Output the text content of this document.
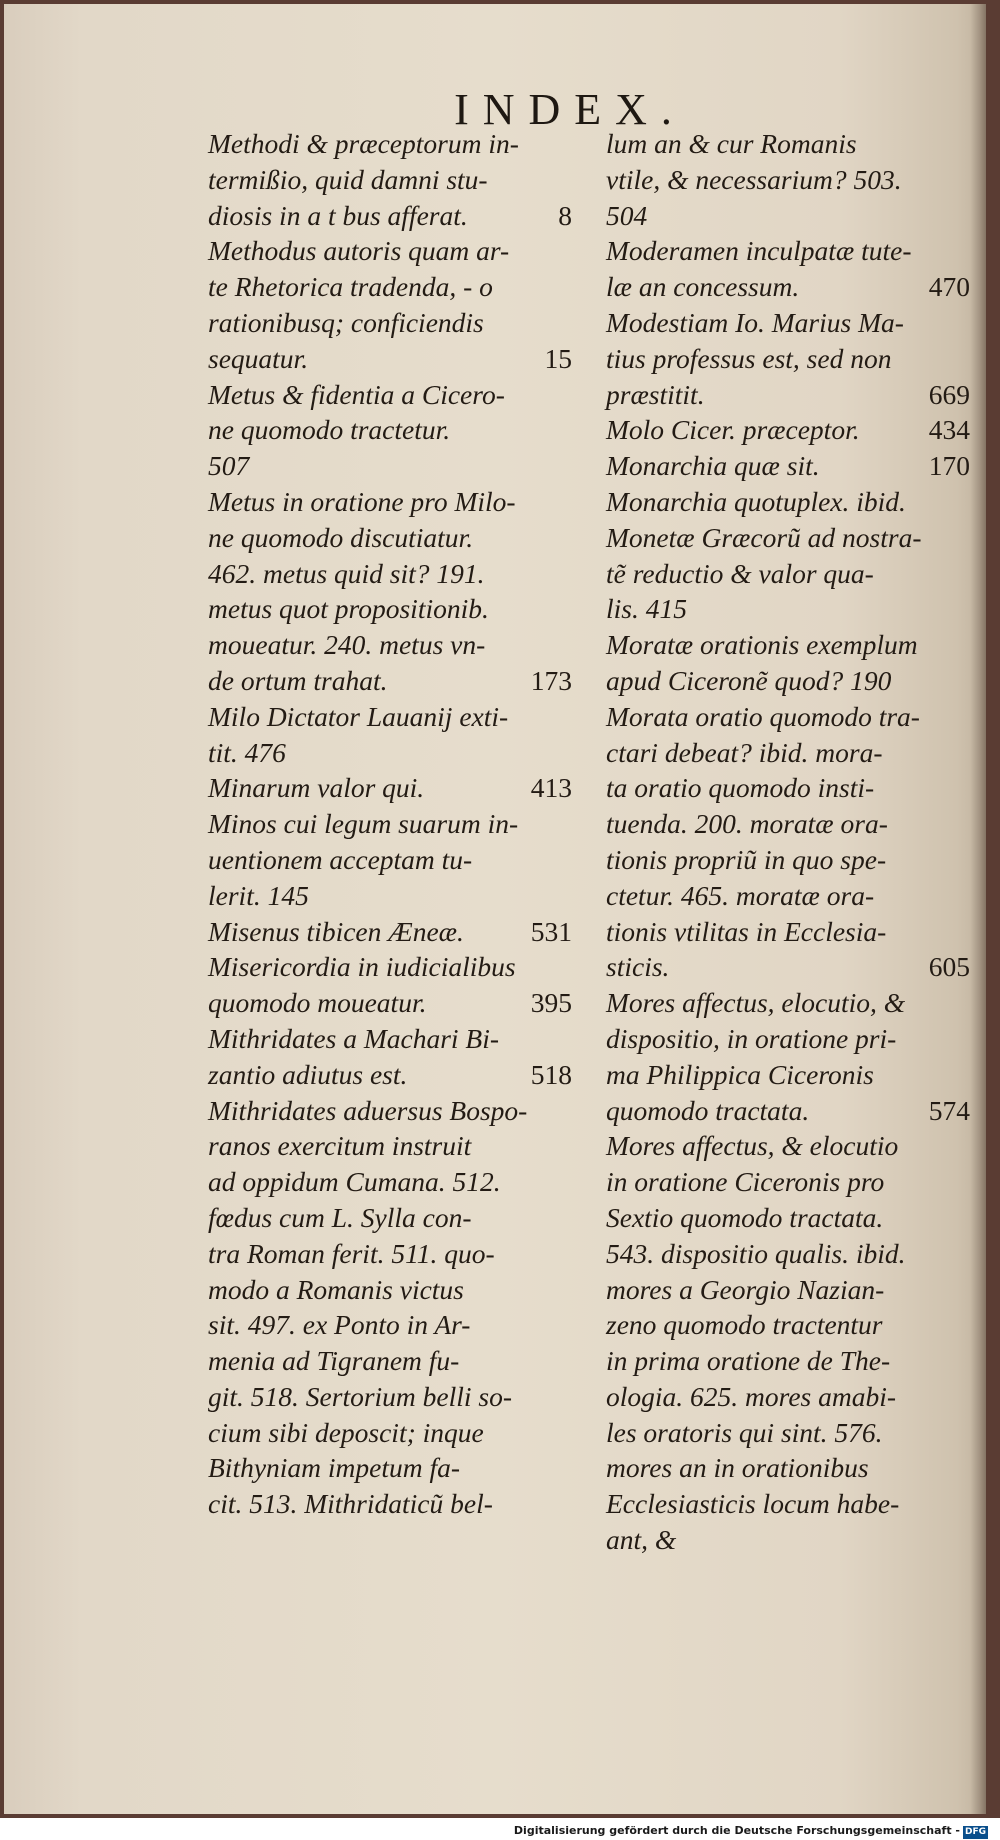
INDEX.
Methodi & præceptorum in-
termißio, quid damni stu-
diosis in a t bus afferat.	8
Methodus autoris quam ar-
te Rhetorica tradenda, - o
rationibusq; conficiendis
sequatur.	15
Metus & fidentia a Cicero-
ne quomodo tractetur.
507
Metus in oratione pro Milo-
ne quomodo discutiatur.
462. metus quid sit? 191.
metus quot propositionib.
moueatur. 240. metus vn-
de ortum trahat.	173
Milo Dictator Lauanij exti-
tit. 476
Minarum valor qui.	413
Minos cui legum suarum in-
uentionem acceptam tu-
lerit. 145
Misenus tibicen Æneæ. 531
Misericordia in iudicialibus
quomodo moueatur.	395
Mithridates a Machari Bi-
zantio adiutus est.	518
Mithridates aduersus Bospo-
ranos exercitum instruit
ad oppidum Cumana. 512.
fœdus cum L. Sylla con-
tra Roman ferit. 511. quo-
modo a Romanis victus
sit. 497. ex Ponto in Ar-
menia ad Tigranem fu-
git. 518. Sertorium belli so-
cium sibi deposcit; inque
Bithyniam impetum fa-
cit. 513. Mithridaticũ bel-
lum an & cur Romanis
vtile, & necessarium? 503.
504
Moderamen inculpatæ tute-
læ an concessum.	470
Modestiam Io. Marius Ma-
tius professus est, sed non
præstitit.	669
Molo Cicer. præceptor.	434
Monarchia quæ sit.	170
Monarchia quotuplex. ibid.
Monetæ Græcorũ ad nostra-
tẽ reductio & valor qua-
lis. 415
Moratæ orationis exemplum
apud Ciceronẽ quod? 190
Morata oratio quomodo tra-
ctari debeat? ibid. mora-
ta oratio quomodo insti-
tuenda. 200. moratæ ora-
tionis propriũ in quo spe-
ctetur. 465. moratæ ora-
tionis vtilitas in Ecclesia-
sticis.	605
Mores affectus, elocutio, &
dispositio, in oratione pri-
ma Philippica Ciceronis
quomodo tractata.	574
Mores affectus, & elocutio
in oratione Ciceronis pro
Sextio quomodo tractata.
543. dispositio qualis. ibid.
mores a Georgio Nazian-
zeno quomodo tractentur
in prima oratione de The-
ologia. 625. mores amabi-
les oratoris qui sint. 576.
mores an in orationibus
Ecclesiasticis locum habe-
ant, &
Digitalisierung gefördert durch die Deutsche Forschungsgemeinschaft - DFG
